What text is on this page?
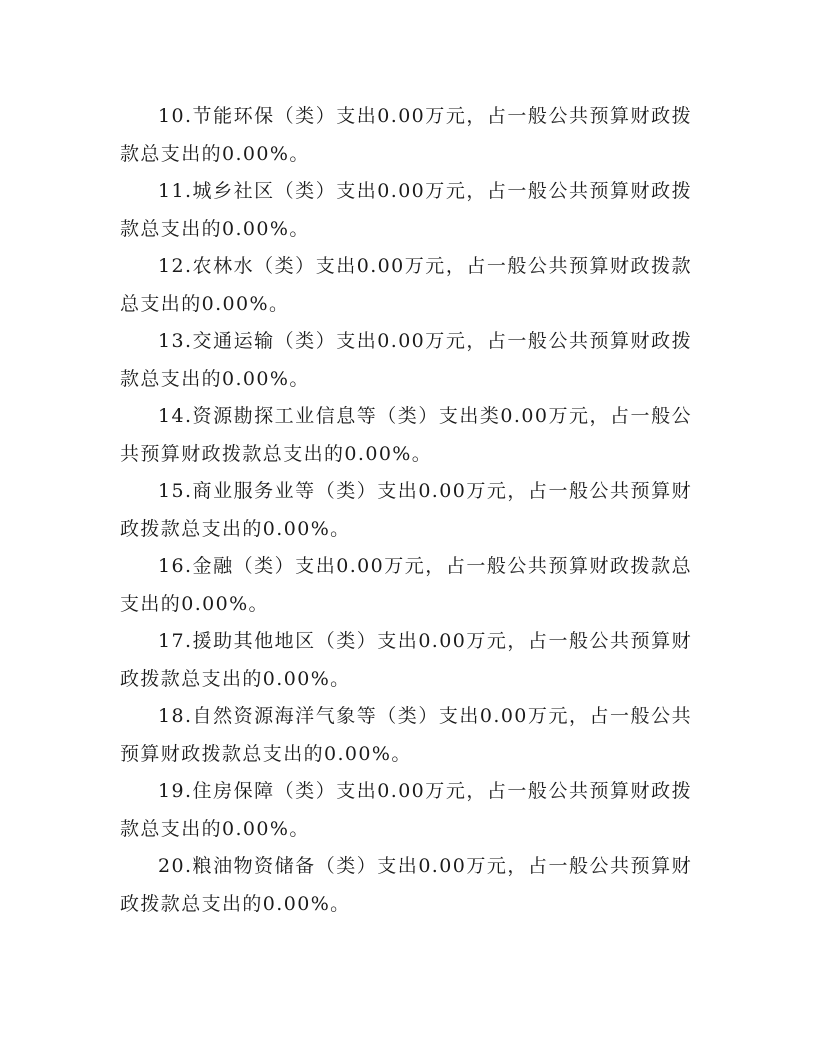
10.节能环保（类）支出0.00万元，占一般公共预算财政拨款总支出的0.00%。

11.城乡社区（类）支出0.00万元，占一般公共预算财政拨款总支出的0.00%。

12.农林水（类）支出0.00万元，占一般公共预算财政拨款总支出的0.00%。

13.交通运输（类）支出0.00万元，占一般公共预算财政拨款总支出的0.00%。

14.资源勘探工业信息等（类）支出类0.00万元，占一般公共预算财政拨款总支出的0.00%。

15.商业服务业等（类）支出0.00万元，占一般公共预算财政拨款总支出的0.00%。

16.金融（类）支出0.00万元，占一般公共预算财政拨款总支出的0.00%。

17.援助其他地区（类）支出0.00万元，占一般公共预算财政拨款总支出的0.00%。

18.自然资源海洋气象等（类）支出0.00万元，占一般公共预算财政拨款总支出的0.00%。

19.住房保障（类）支出0.00万元，占一般公共预算财政拨款总支出的0.00%。

20.粮油物资储备（类）支出0.00万元，占一般公共预算财政拨款总支出的0.00%。
